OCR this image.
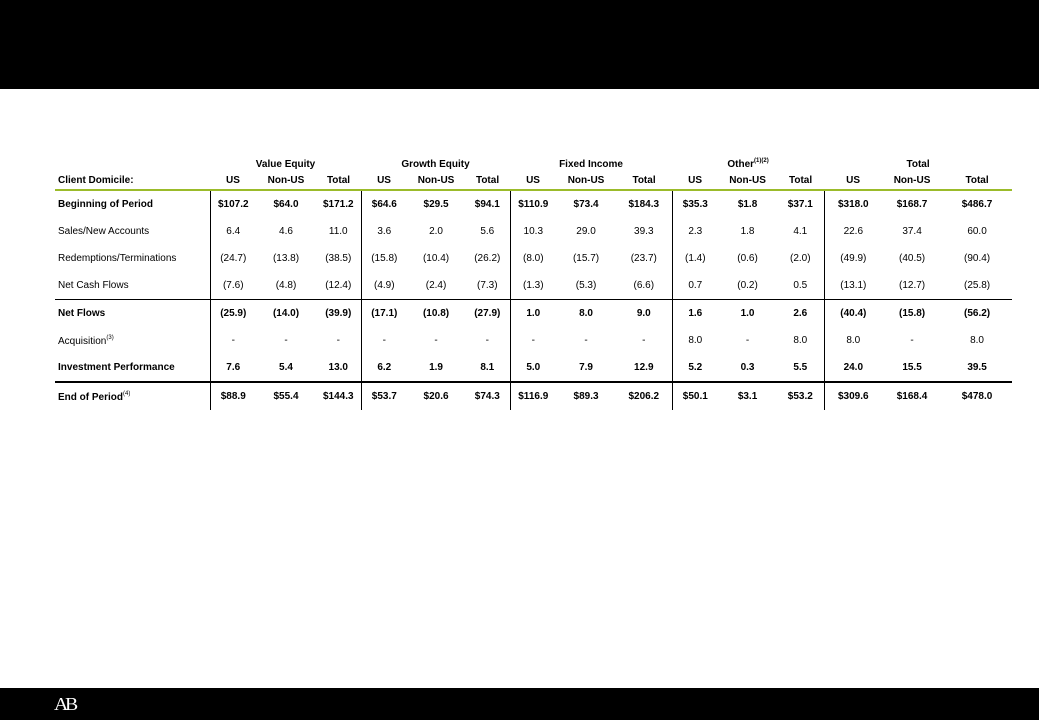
	Value Equity			Growth Equity			Fixed Income			Other$^{(1)(2)}$			Total		
Client Domicile:	US	Non-US	Total	US	Non-US	Total	US	Non-US	Total	US	Non-US	Total	US	Non-US	Total
Beginning of Period	$107.2	$64.0	$171.2	$64.6	$29.5	$94.1	$110.9	$73.4	$184.3	$35.3	$1.8	$37.1	$318.0	$168.7	$486.7
Sales/New Accounts	6.4	4.6	11.0	3.6	2.0	5.6	10.3	29.0	39.3	2.3	1.8	4.1	22.6	37.4	60.0
Redemptions/Terminations	(24.7)	(13.8)	(38.5)	(15.8)	(10.4)	(26.2)	(8.0)	(15.7)	(23.7)	(1.4)	(0.6)	(2.0)	(49.9)	(40.5)	(90.4)
Net Cash Flows	(7.6)	(4.8)	(12.4)	(4.9)	(2.4)	(7.3)	(1.3)	(5.3)	(6.6)	0.7	(0.2)	0.5	(13.1)	(12.7)	(25.8)
Net Flows	(25.9)	(14.0)	(39.9)	(17.1)	(10.8)	(27.9)	1.0	8.0	9.0	1.6	1.0	2.6	(40.4)	(15.8)	(56.2)
Acquisition$^{(3)}$	-	-	-	-	-	-	-	-	-	8.0	-	8.0	8.0	-	8.0
Investment Performance	7.6	5.4	13.0	6.2	1.9	8.1	5.0	7.9	12.9	5.2	0.3	5.5	24.0	15.5	39.5
End of Period$^{(4)}$	$88.9	$55.4	$144.3	$53.7	$20.6	$74.3	$116.9	$89.3	$206.2	$50.1	$3.1	$53.2	$309.6	$168.4	$478.0
AB
